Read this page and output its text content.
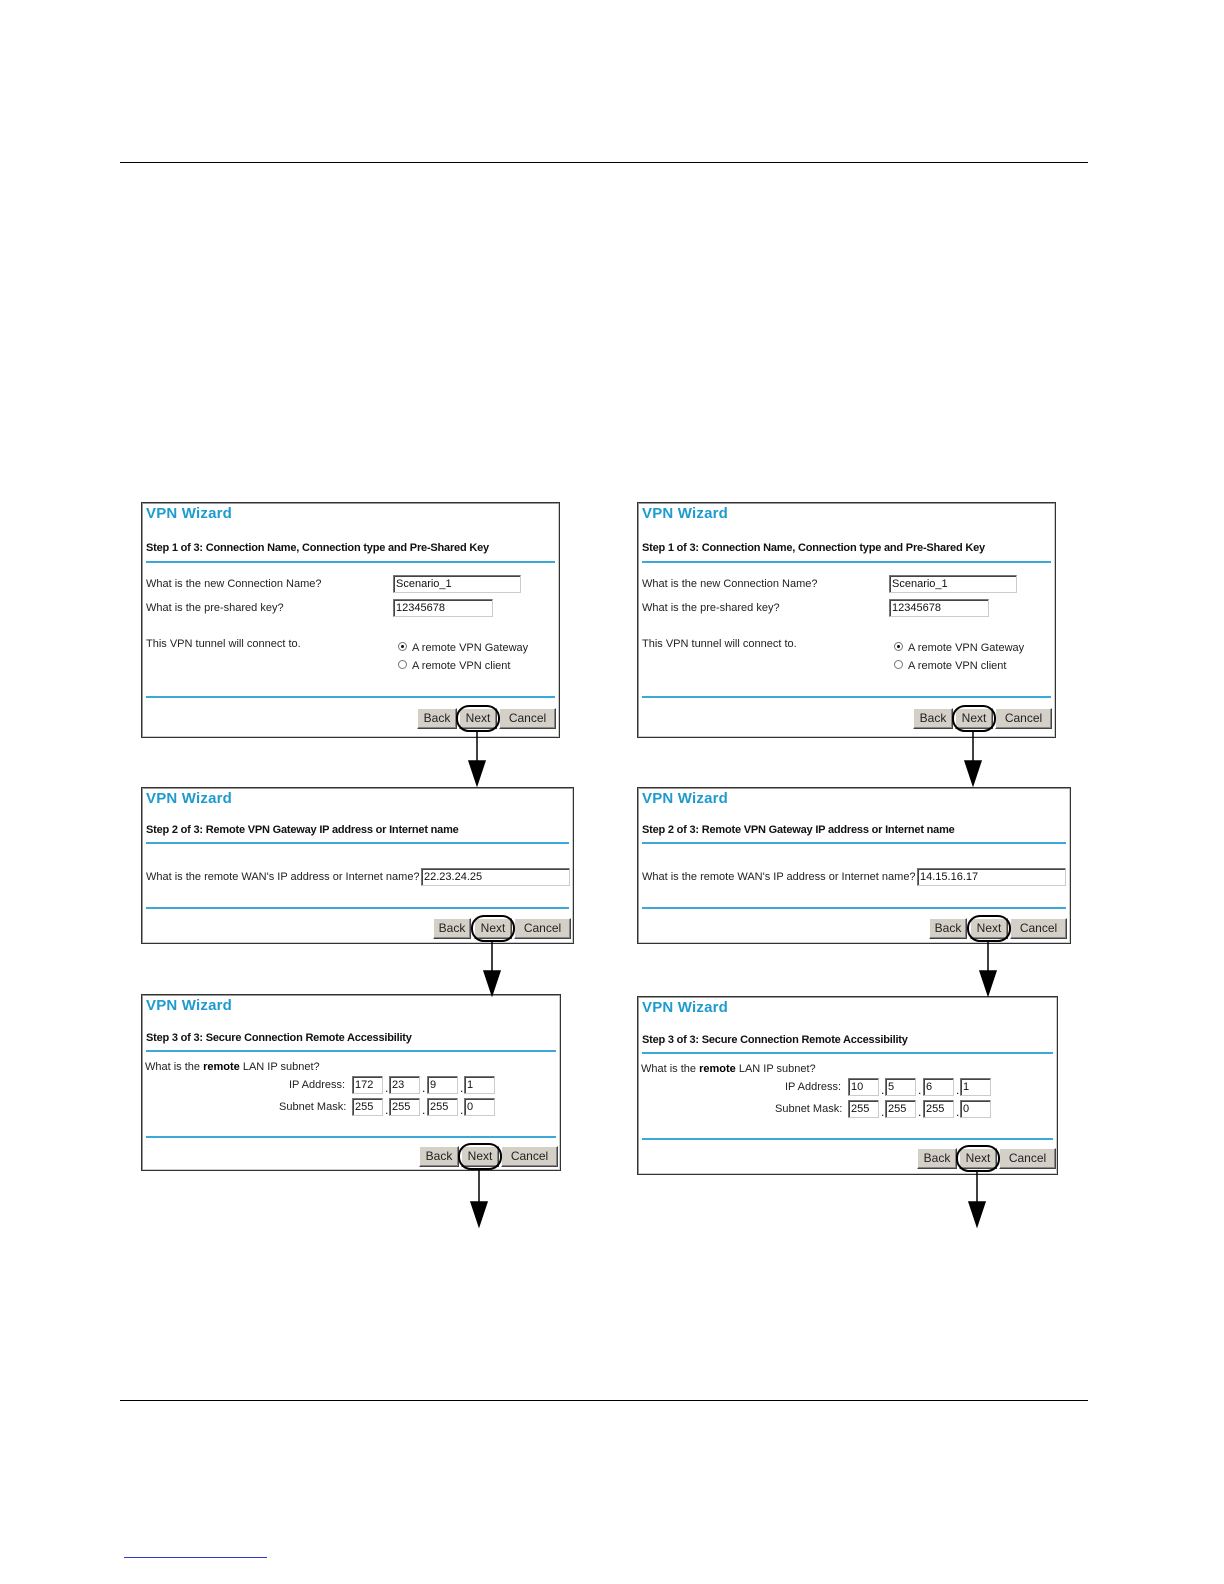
VPN Wizard
Step 1 of 3: Connection Name, Connection type and Pre-Shared Key
What is the new Connection Name?	Scenario_1
What is the pre-shared key?	12345678
This VPN tunnel will connect to.	A remote VPN Gateway
A remote VPN client
Back	Next	Cancel
VPN Wizard
Step 2 of 3: Remote VPN Gateway IP address or Internet name
What is the remote WAN's IP address or Internet name? 22.23.24.25
Back	Next	Cancel
VPN Wizard
Step 3 of 3: Secure Connection Remote Accessibility
What is the remote LAN IP subnet?
IP Address: 172 . 23	. 9	. 1
Subnet Mask: 255 . 255 . 255 . 0
Back	Next	Cancel
VPN Wizard
Step 1 of 3: Connection Name, Connection type and Pre-Shared Key
What is the new Connection Name?	Scenario_1
What is the pre-shared key?	12345678
This VPN tunnel will connect to.	A remote VPN Gateway
A remote VPN client
Back	Next	Cancel
VPN Wizard
Step 2 of 3: Remote VPN Gateway IP address or Internet name
What is the remote WAN's IP address or Internet name? 14.15.16.17
Back	Next	Cancel
VPN Wizard
Step 3 of 3: Secure Connection Remote Accessibility
What is the remote LAN IP subnet?
IP Address: 10	. 5	. 6	. 1
Subnet Mask: 255 . 255 . 255 . 0
Back	Next	Cancel
